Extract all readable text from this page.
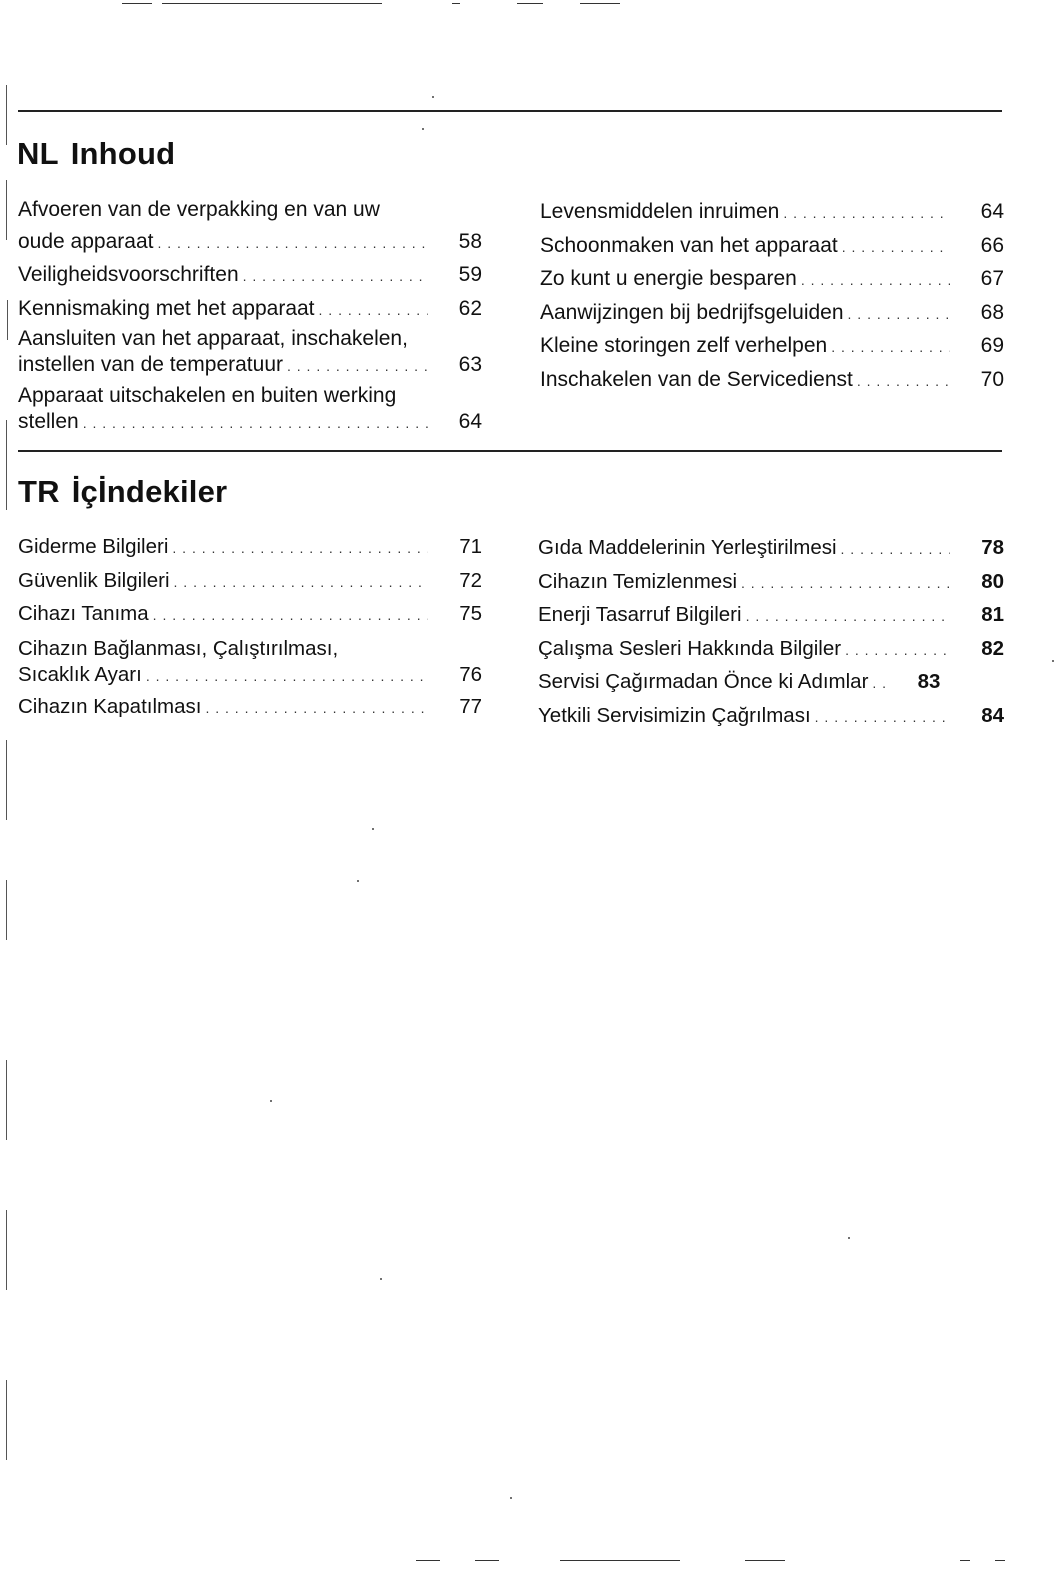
NL Inhoud
Afvoeren van de verpakking en van uw
oude apparaat . . .	58
Veiligheidsvoorschriften . . .	59
Kennismaking met het apparaat . . .	62
Aansluiten van het apparaat, inschakelen,
instellen van de temperatuur . . .	63
Apparaat uitschakelen en buiten werking
stellen . . .	64
Levensmiddelen inruimen . . .	64
Schoonmaken van het apparaat . . .	66
Zo kunt u energie besparen . . .	67
Aanwijzingen bij bedrijfsgeluiden . . .	68
Kleine storingen zelf verhelpen . . .	69
Inschakelen van de Servicedienst . . .	70
TR İçİndekiler
Giderme Bilgileri . . .	71
Güvenlik Bilgileri . . .	72
Cihazı Tanıma . . .	75
Cihazın Bağlanması, Çalıştırılması,
Sıcaklık Ayarı . . .	76
Cihazın Kapatılması . . .	77
Gıda Maddelerinin Yerleştirilmesi . . .	78
Cihazın Temizlenmesi . . .	80
Enerji Tasarruf Bilgileri . . .	81
Çalışma Sesleri Hakkında Bilgiler . . .	82
Servisi Çağırmadan Önce ki Adımlar . . .	83
Yetkili Servisimizin Çağrılması . . .	84
